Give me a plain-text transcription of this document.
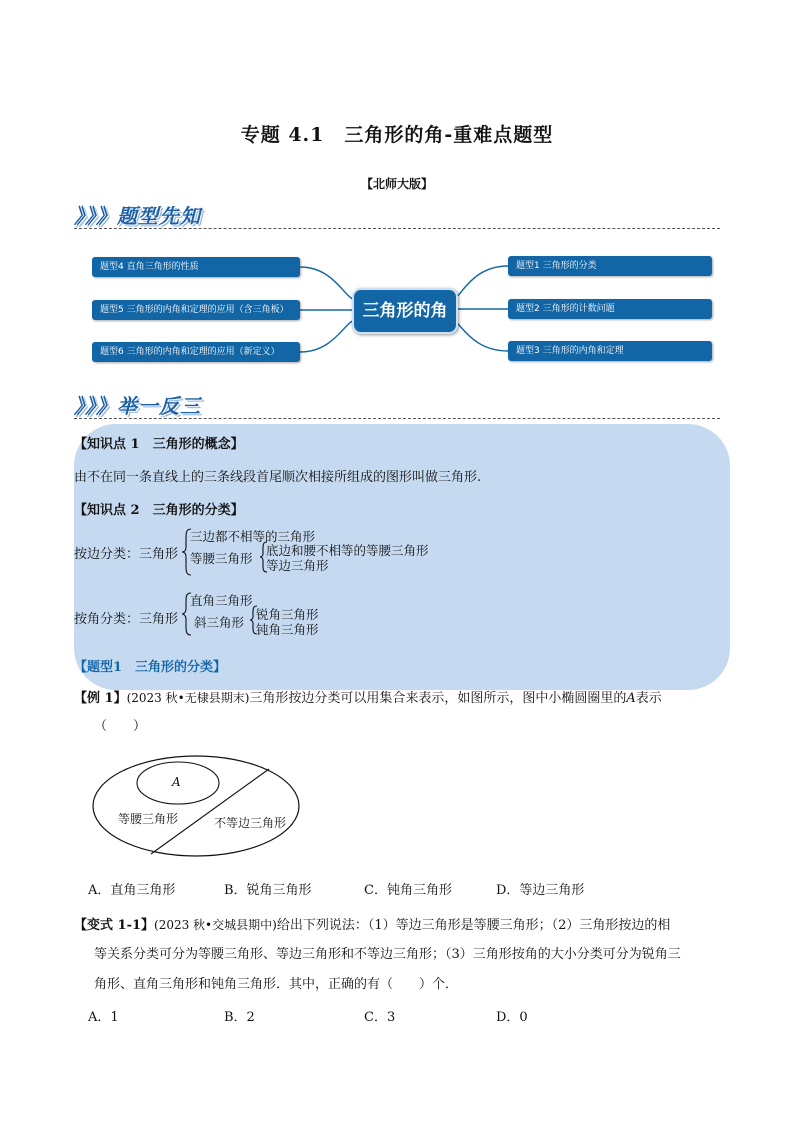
专题 4.1　三角形的角-重难点题型
【北师大版】
》》》题型先知
三角形的角
题型4 直角三角形的性质
题型5 三角形的内角和定理的应用（含三角板）
题型6 三角形的内角和定理的应用（新定义）
题型1 三角形的分类
题型2 三角形的计数问题
题型3 三角形的内角和定理
》》》举一反三
【知识点 1　三角形的概念】
由不在同一条直线上的三条线段首尾顺次相接所组成的图形叫做三角形.
【知识点 2　三角形的分类】
按边分类：三角形
三边都不相等的三角形
等腰三角形
底边和腰不相等的等腰三角形
等边三角形
按角分类：三角形
直角三角形
斜三角形
锐角三角形
钝角三角形
【题型1　三角形的分类】
【例 1】(2023 秋•无棣县期末)三角形按边分类可以用集合来表示，如图所示，图中小椭圆圈里的A表示
（　　）
A
等腰三角形	不等边三角形
A．直角三角形	B．锐角三角形	C．钝角三角形	D．等边三角形
【变式 1-1】(2023 秋•交城县期中)给出下列说法：（1）等边三角形是等腰三角形；（2）三角形按边的相
等关系分类可分为等腰三角形、等边三角形和不等边三角形；（3）三角形按角的大小分类可分为锐角三
角形、直角三角形和钝角三角形．其中，正确的有（　　）个．
A．1	B．2	C．3	D．0
